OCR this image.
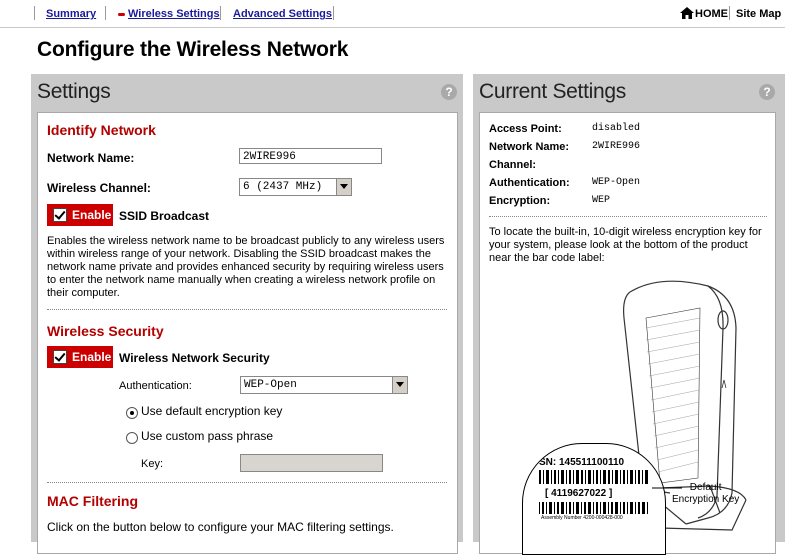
Summary	Wireless Settings Advanced Settings	HOME Site Map
Configure the Wireless Network
Settings	?
Identify Network
Network Name:	2WIRE996
Wireless Channel:	6 (2437 MHz)
Enable SSID Broadcast
Enables the wireless network name to be broadcast publicly to any wireless users within wireless range of your network. Disabling the SSID broadcast makes the network name private and provides enhanced security by requiring wireless users to enter the network name manually when creating a wireless network profile on their computer.
Wireless Security
Enable Wireless Network Security
Authentication:	WEP-Open
Use default encryption key
Use custom pass phrase
Key:
MAC Filtering
Click on the button below to configure your MAC filtering settings.
Current Settings	?
Access Point:	disabled
Network Name: 2WIRE996
Channel:
Authentication: WEP-Open
Encryption:	WEP
To locate the built-in, 10-digit wireless encryption key for your system, please look at the bottom of the product near the bar code label:
SN: 145511100110
[ 4119627022 ]
Assembly Number 4200-000428-000
Default
Encryption Key
